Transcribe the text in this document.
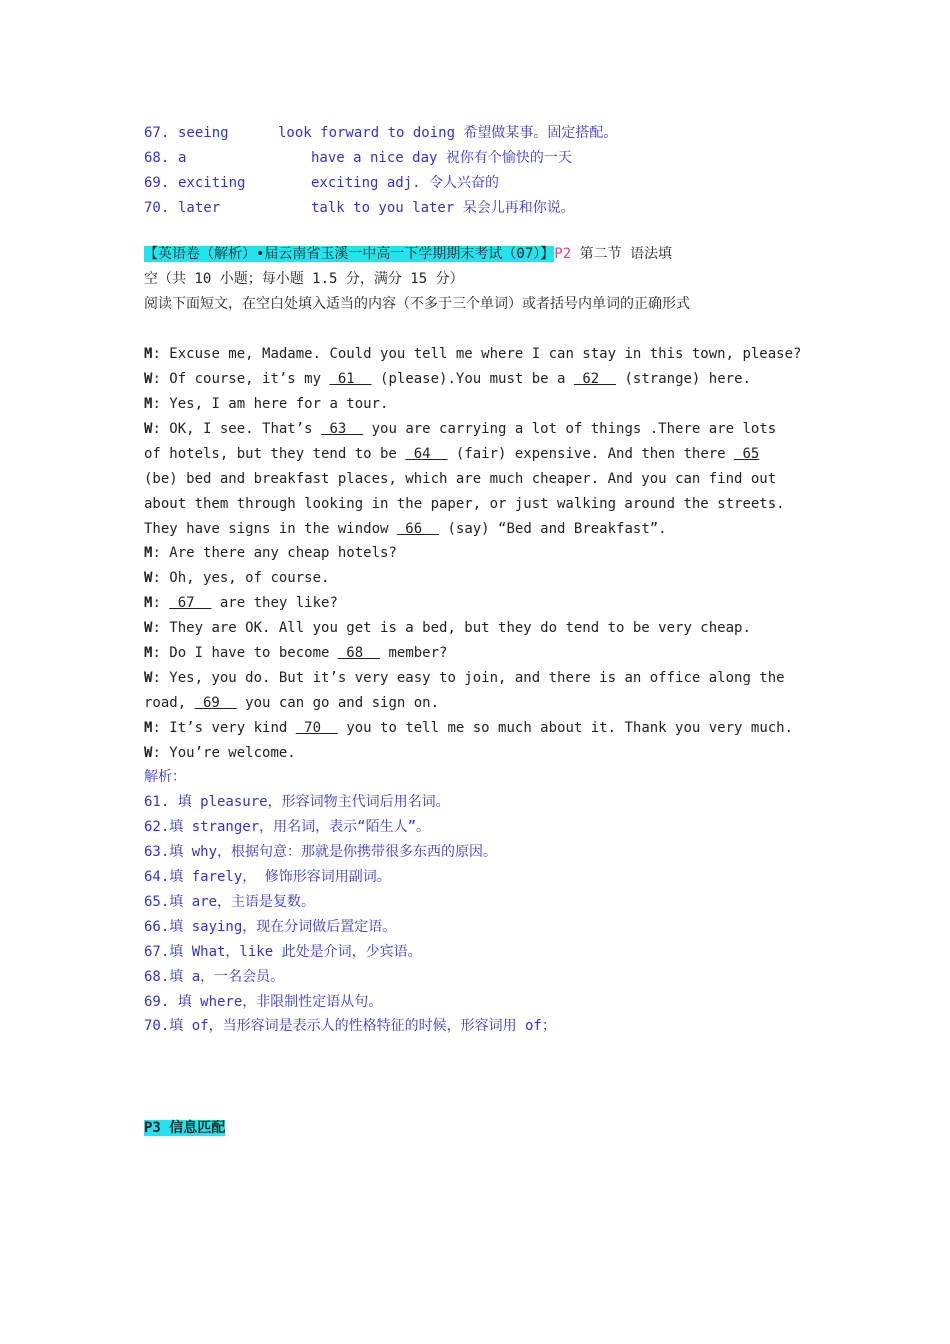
67. seeing	look forward to doing 希望做某事。固定搭配。
68. a	have a nice day 祝你有个愉快的一天
69. exciting	exciting adj. 令人兴奋的
70. later	talk to you later 呆会儿再和你说。
【英语卷（解析）•届云南省玉溪一中高一下学期期末考试（07）】P2 第二节 语法填
空（共 10 小题；每小题 1.5 分，满分 15 分）
阅读下面短文，在空白处填入适当的内容（不多于三个单词）或者括号内单词的正确形式
M: Excuse me, Madame. Could you tell me where I can stay in this town, please?
W: Of course, it’s my  61   (please).You must be a  62   (strange) here.
M: Yes, I am here for a tour.
W: OK, I see. That’s  63   you are carrying a lot of things .There are lots
of hotels, but they tend to be  64   (fair) expensive. And then there  65
(be) bed and breakfast places, which are much cheaper. And you can find out
about them through looking in the paper, or just walking around the streets.
They have signs in the window  66   (say) “Bed and Breakfast”.
M: Are there any cheap hotels?
W: Oh, yes, of course.
M:  67   are they like?
W: They are OK. All you get is a bed, but they do tend to be very cheap.
M: Do I have to become  68   member?
W: Yes, you do. But it’s very easy to join, and there is an office along the
road,  69   you can go and sign on.
M: It’s very kind  70   you to tell me so much about it. Thank you very much.
W: You’re welcome.
解析：
61. 填 pleasure，形容词物主代词后用名词。
62.填 stranger，用名词，表示“陌生人”。
63.填 why，根据句意：那就是你携带很多东西的原因。
64.填 farely， 修饰形容词用副词。
65.填 are，主语是复数。
66.填 saying，现在分词做后置定语。
67.填 What，like 此处是介词，少宾语。
68.填 a，一名会员。
69. 填 where，非限制性定语从句。
70.填 of，当形容词是表示人的性格特征的时候，形容词用 of；
P3 信息匹配
